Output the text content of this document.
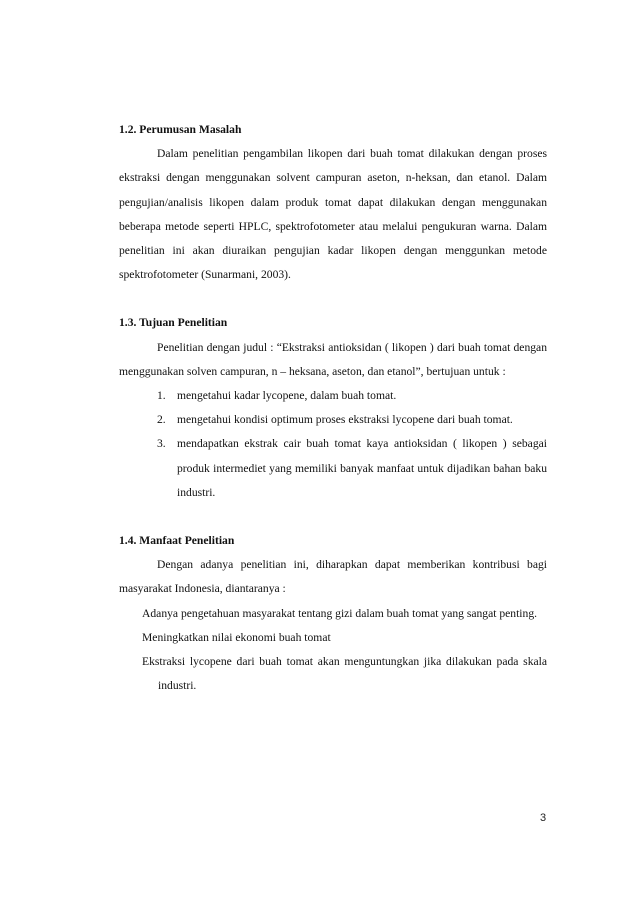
1.2. Perumusan Masalah

Dalam penelitian pengambilan likopen dari buah tomat dilakukan dengan proses ekstraksi dengan menggunakan solvent campuran aseton, n-heksan, dan etanol. Dalam pengujian/analisis likopen dalam produk tomat dapat dilakukan dengan menggunakan beberapa metode seperti HPLC, spektrofotometer atau melalui pengukuran warna. Dalam penelitian ini akan diuraikan pengujian kadar likopen dengan menggunkan metode spektrofotometer (Sunarmani, 2003).

1.3. Tujuan Penelitian

Penelitian dengan judul : “Ekstraksi antioksidan ( likopen ) dari buah tomat dengan menggunakan solven campuran, n – heksana, aseton, dan etanol”, bertujuan untuk :

1. mengetahui kadar lycopene, dalam buah tomat.
2. mengetahui kondisi optimum proses ekstraksi lycopene dari buah tomat.
3. mendapatkan ekstrak cair buah tomat kaya antioksidan ( likopen ) sebagai produk intermediet yang memiliki banyak manfaat untuk dijadikan bahan baku industri.
1.4. Manfaat Penelitian

Dengan adanya penelitian ini, diharapkan dapat memberikan kontribusi bagi masyarakat Indonesia, diantaranya :

Adanya pengetahuan masyarakat tentang gizi dalam buah tomat yang sangat penting.
Meningkatkan nilai ekonomi buah tomat
Ekstraksi lycopene dari buah tomat akan menguntungkan jika dilakukan pada skala industri.
3
